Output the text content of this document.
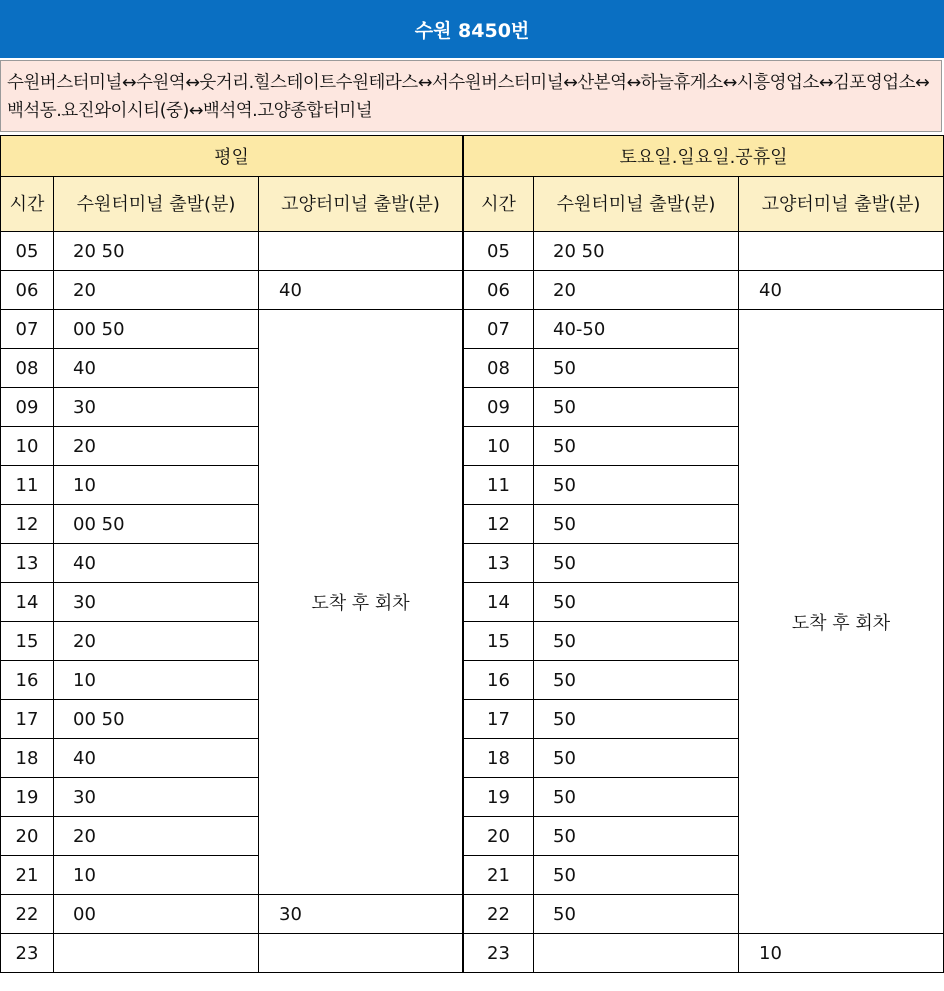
수원 8450번
수원버스터미널↔수원역↔웃거리.힐스테이트수원테라스↔서수원버스터미널↔산본역↔하늘휴게소↔시흥영업소↔김포영업소↔백석동.요진와이시티(중)↔백석역.고양종합터미널
평일		
시간	수원터미널 출발(분)	고양터미널 출발(분)
05	20 50	
06	20	40
07	00 50	도착 후 회차
08	40	
09	30	
10	20	
11	10	
12	00 50	
13	40	
14	30	
15	20	
16	10	
17	00 50	
18	40	
19	30	
20	20	
21	10	
22	00	30
23		
토요일.일요일.공휴일		
시간	수원터미널 출발(분)	고양터미널 출발(분)
05	20 50	
06	20	40
07	40-50	도착 후 회차
08	50	
09	50	
10	50	
11	50	
12	50	
13	50	
14	50	
15	50	
16	50	
17	50	
18	50	
19	50	
20	50	
21	50	
22	50	
23		10
